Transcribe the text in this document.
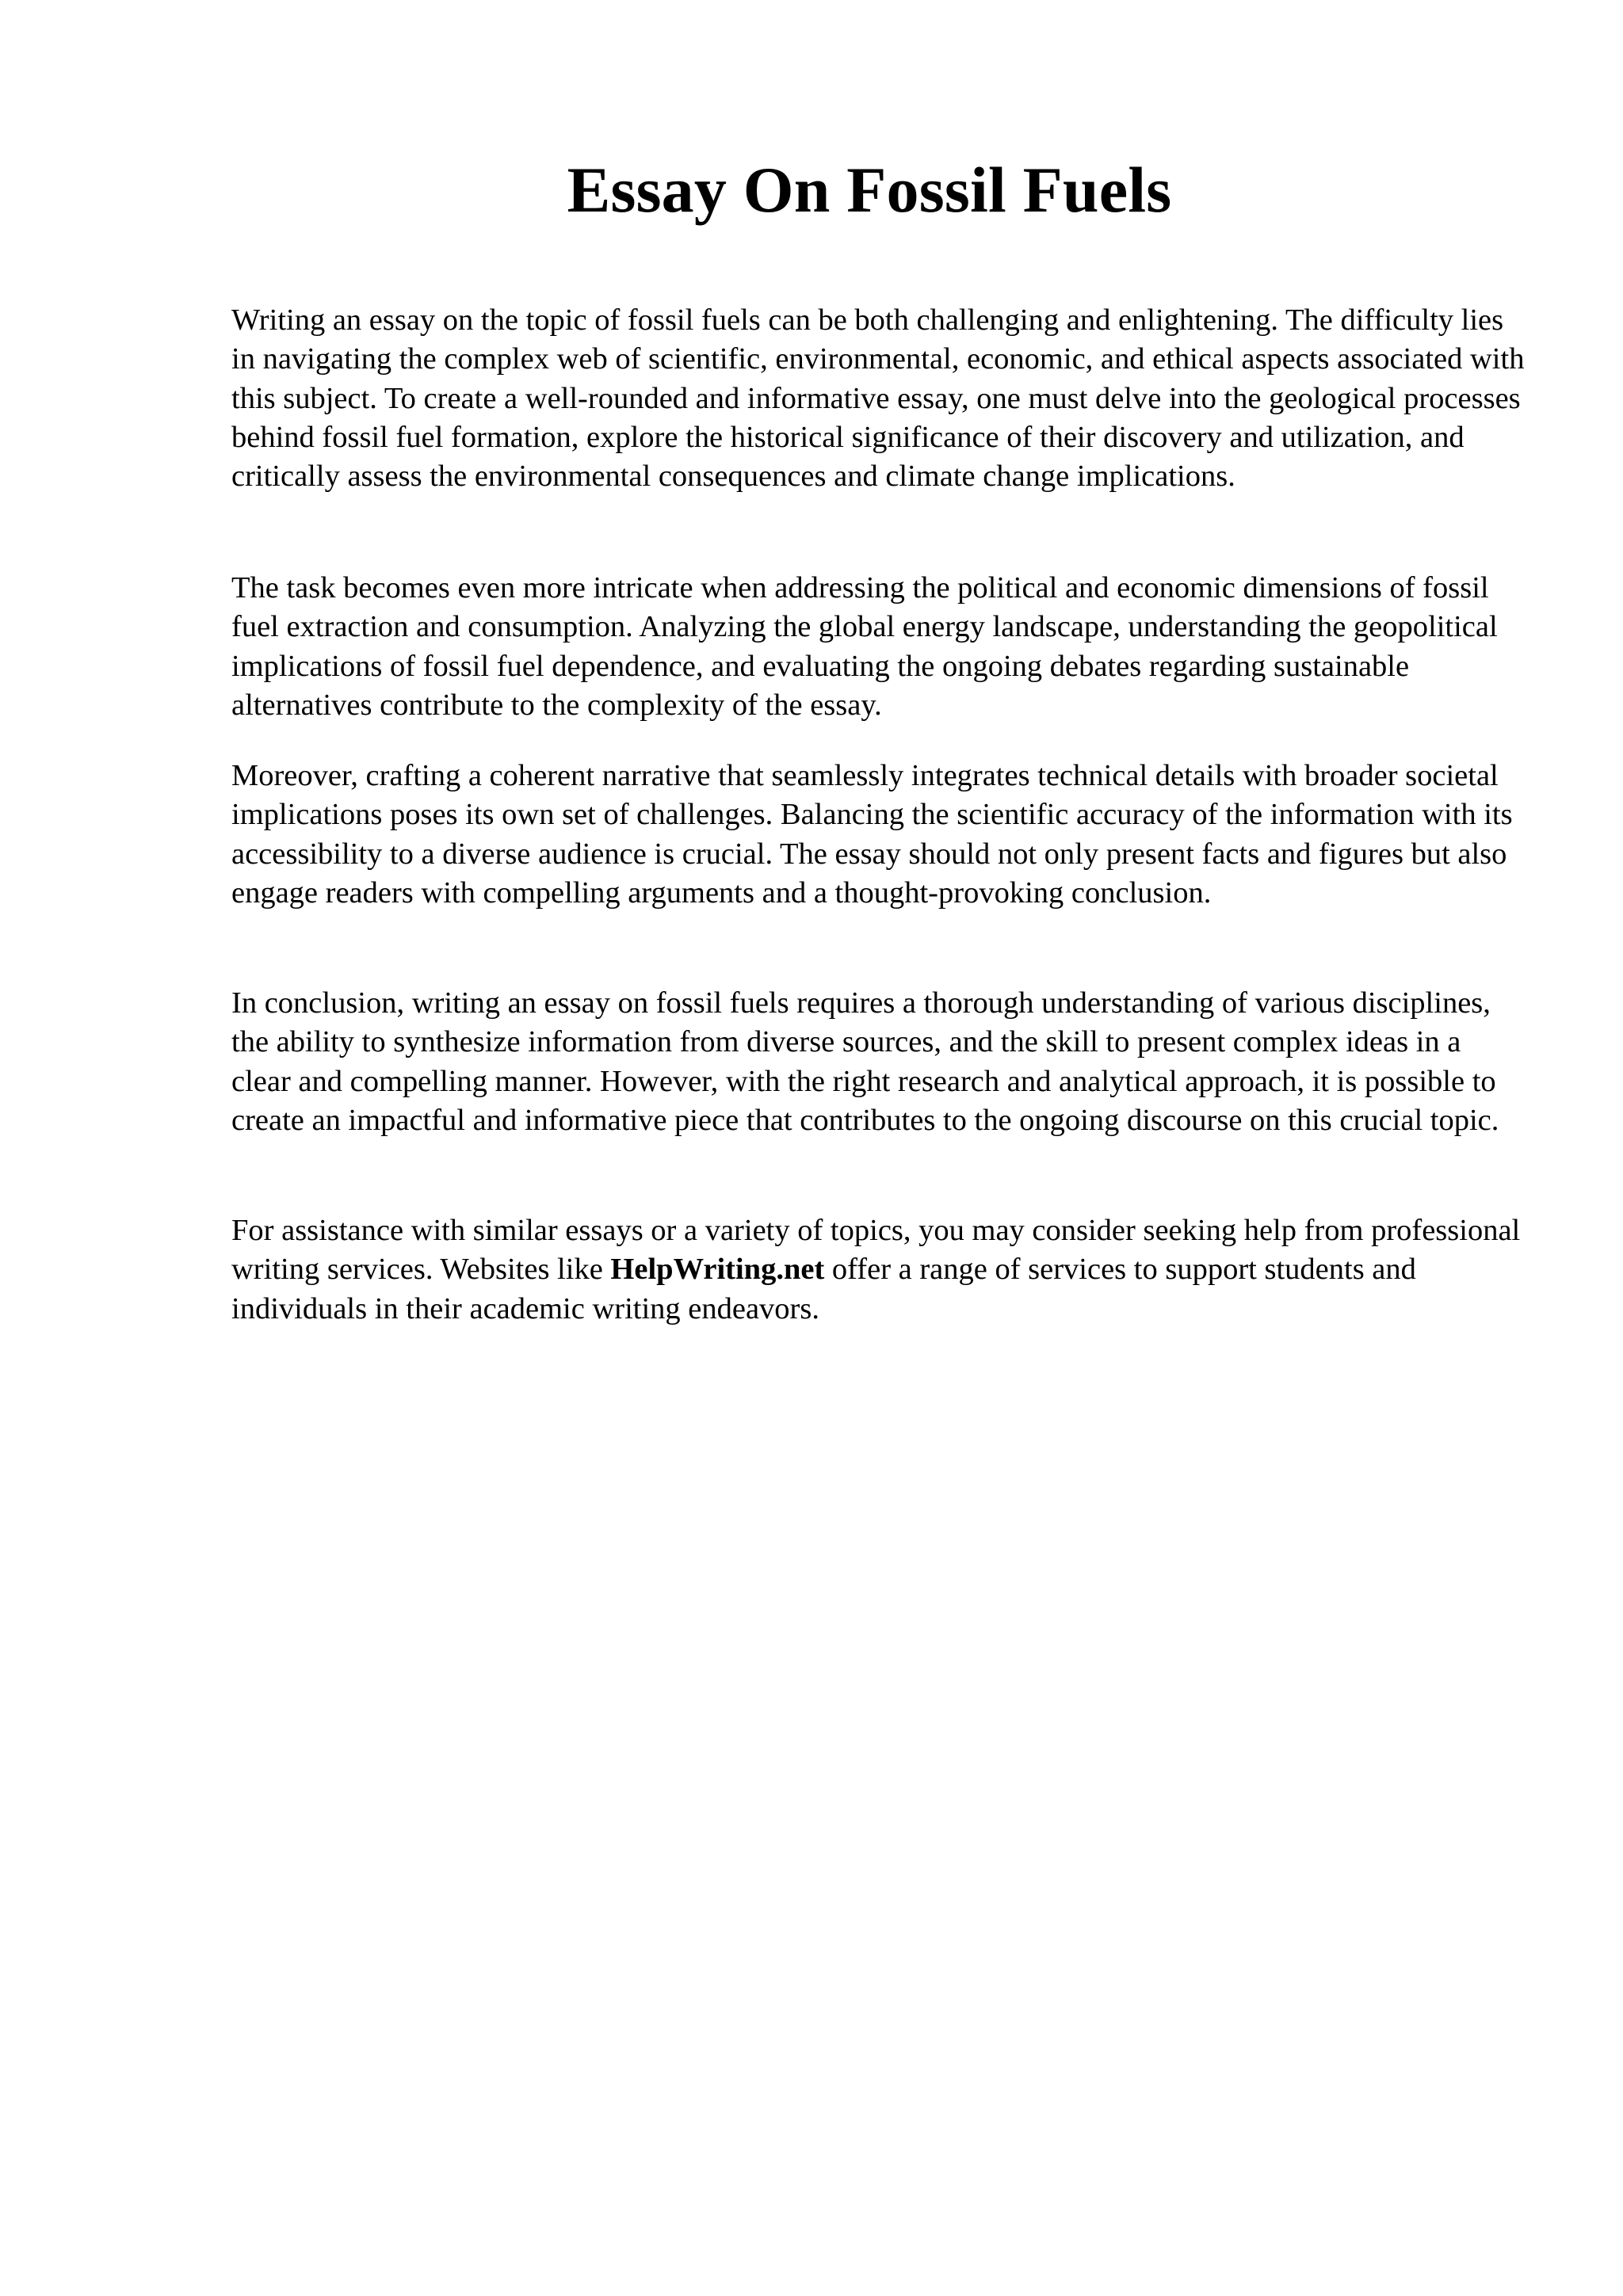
Essay On Fossil Fuels

Writing an essay on the topic of fossil fuels can be both challenging and enlightening. The difficulty lies in navigating the complex web of scientific, environmental, economic, and ethical aspects associated with this subject. To create a well-rounded and informative essay, one must delve into the geological processes behind fossil fuel formation, explore the historical significance of their discovery and utilization, and critically assess the environmental consequences and climate change implications.

The task becomes even more intricate when addressing the political and economic dimensions of fossil fuel extraction and consumption. Analyzing the global energy landscape, understanding the geopolitical implications of fossil fuel dependence, and evaluating the ongoing debates regarding sustainable alternatives contribute to the complexity of the essay.

Moreover, crafting a coherent narrative that seamlessly integrates technical details with broader societal implications poses its own set of challenges. Balancing the scientific accuracy of the information with its accessibility to a diverse audience is crucial. The essay should not only present facts and figures but also engage readers with compelling arguments and a thought-provoking conclusion.

In conclusion, writing an essay on fossil fuels requires a thorough understanding of various disciplines, the ability to synthesize information from diverse sources, and the skill to present complex ideas in a clear and compelling manner. However, with the right research and analytical approach, it is possible to create an impactful and informative piece that contributes to the ongoing discourse on this crucial topic.

For assistance with similar essays or a variety of topics, you may consider seeking help from professional writing services. Websites like HelpWriting.net offer a range of services to support students and individuals in their academic writing endeavors.
